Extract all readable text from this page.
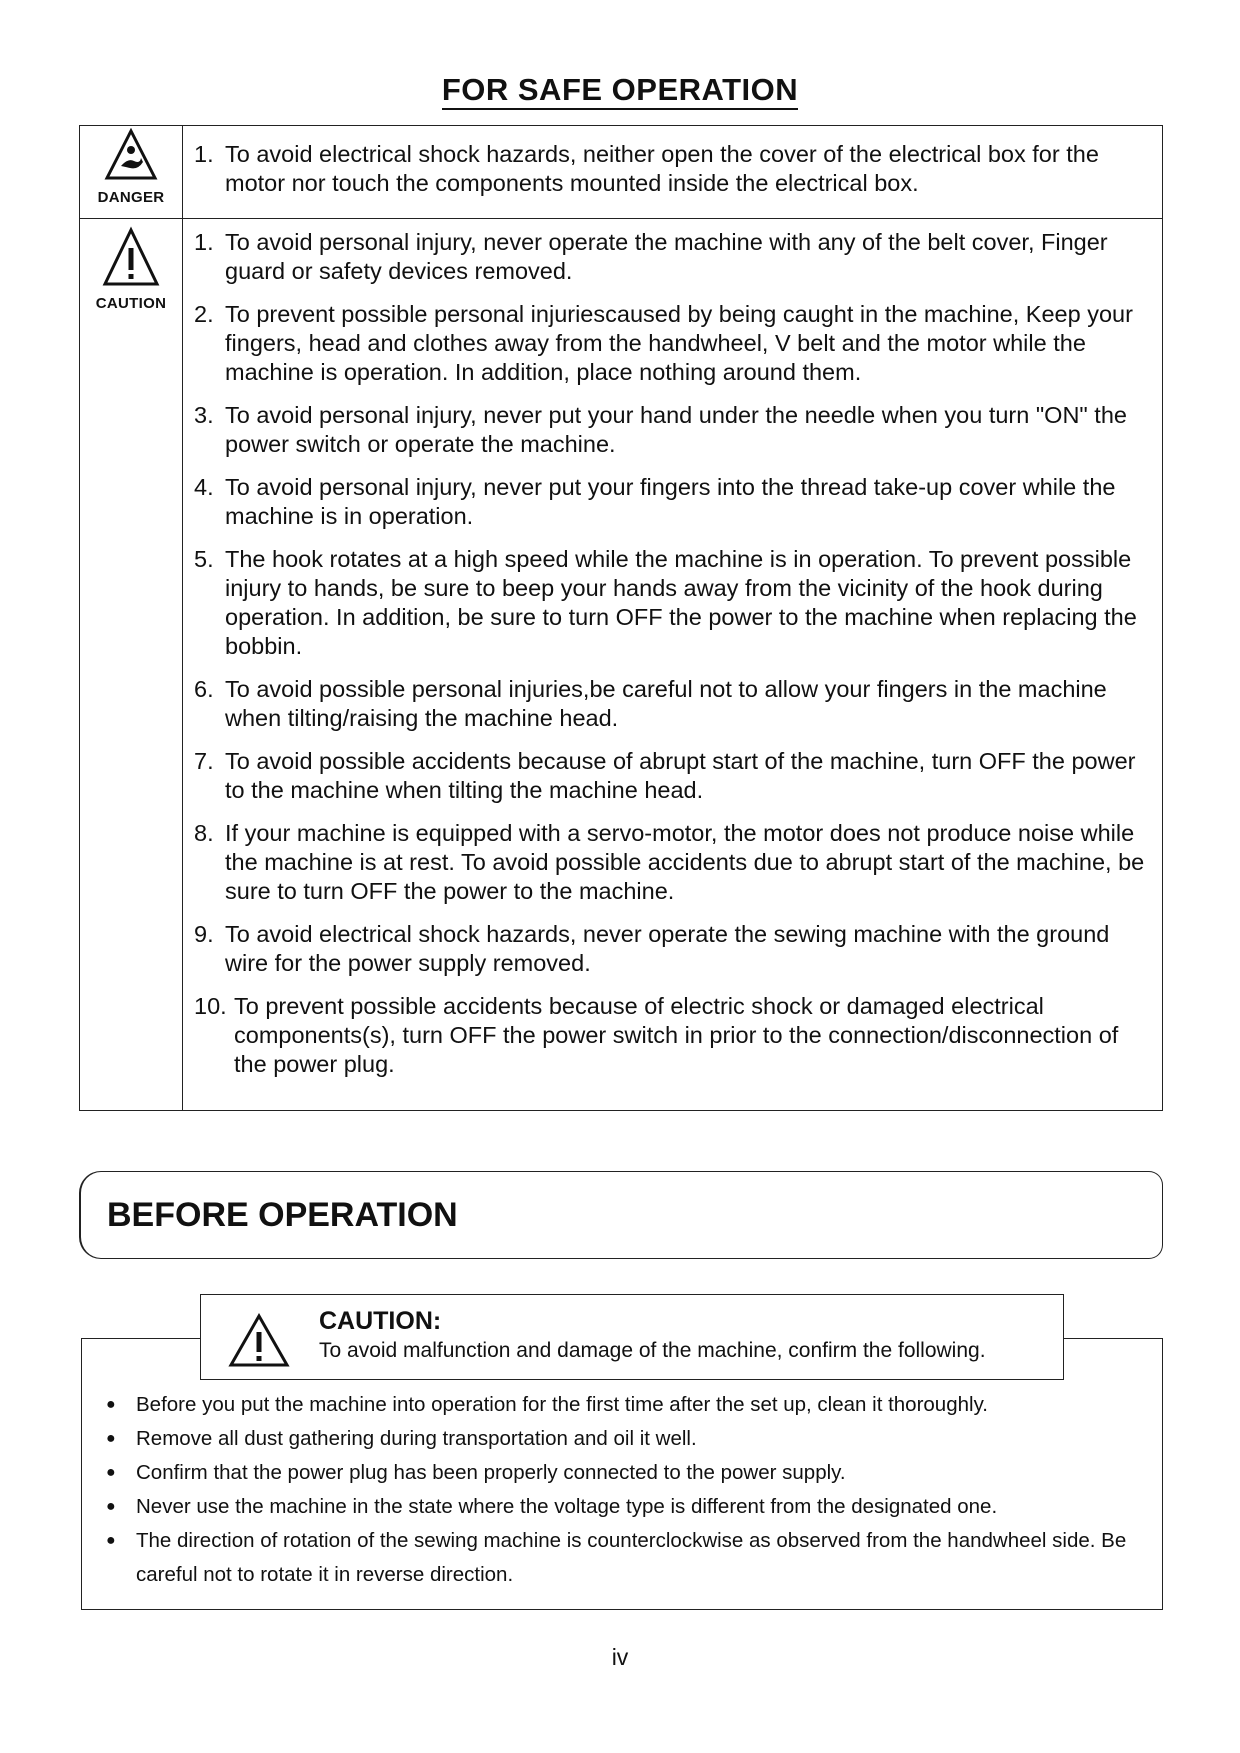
FOR SAFE OPERATION
DANGER
CAUTION
1. To avoid electrical shock hazards, neither open the cover of the electrical box for the motor nor touch the components mounted inside the electrical box.
1. To avoid personal injury, never operate the machine with any of the belt cover, Finger guard or safety devices removed.
2. To prevent possible personal injuriescaused by being caught in the machine, Keep your fingers, head and clothes away from the handwheel, V belt and the motor while the machine is operation. In addition, place nothing around them.
3. To avoid personal injury, never put your hand under the needle when you turn "ON" the power switch or operate the machine.
4. To avoid personal injury, never put your fingers into the thread take-up cover while the machine is in operation.
5. The hook rotates at a high speed while the machine is in operation. To prevent possible injury to hands, be sure to beep your hands away from the vicinity of the hook during operation. In addition, be sure to turn OFF the power to the machine when replacing the bobbin.
6. To avoid possible personal injuries,be careful not to allow your fingers in the machine when tilting/raising the machine head.
7. To avoid possible accidents because of abrupt start of the machine, turn OFF the power to the machine when tilting the machine head.
8. If your machine is equipped with a servo-motor, the motor does not produce noise while the machine is at rest. To avoid possible accidents due to abrupt start of the machine, be sure to turn OFF the power to the machine.
9. To avoid electrical shock hazards, never operate the sewing machine with the ground wire for the power supply removed.
10. To prevent possible accidents because of electric shock or damaged electrical components(s), turn OFF the power switch in prior to the connection/disconnection of the power plug.
BEFORE OPERATION
CAUTION:
To avoid malfunction and damage of the machine, confirm the following.
● Before you put the machine into operation for the first time after the set up, clean it thoroughly.
● Remove all dust gathering during transportation and oil it well.
● Confirm that the power plug has been properly connected to the power supply.
● Never use the machine in the state where the voltage type is different from the designated one.
● The direction of rotation of the sewing machine is counterclockwise as observed from the handwheel side. Be careful not to rotate it in reverse direction.
iv
